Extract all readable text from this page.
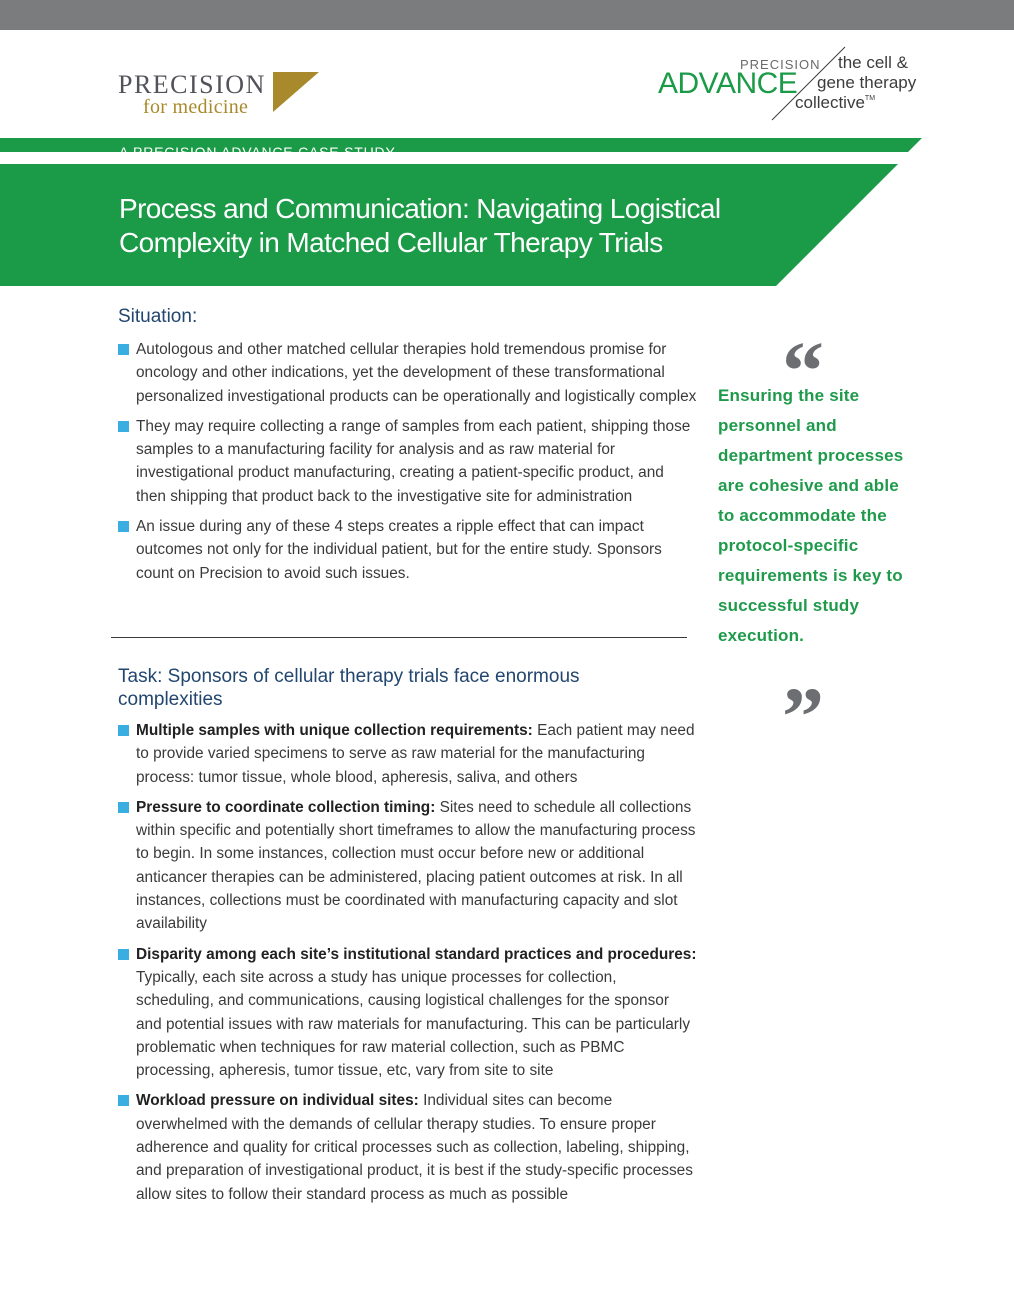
PRECISION
for medicine
PRECISION
ADVANCE
the cell &
gene therapy
collective™
A PRECISION ADVANCE CASE STUDY
Process and Communication: Navigating Logistical Complexity in Matched Cellular Therapy Trials
Situation:
Autologous and other matched cellular therapies hold tremendous promise for oncology and other indications, yet the development of these transformational personalized investigational products can be operationally and logistically complex
They may require collecting a range of samples from each patient, shipping those samples to a manufacturing facility for analysis and as raw material for investigational product manufacturing, creating a patient-specific product, and then shipping that product back to the investigative site for administration
An issue during any of these 4 steps creates a ripple effect that can impact outcomes not only for the individual patient, but for the entire study. Sponsors count on Precision to avoid such issues.
Task: Sponsors of cellular therapy trials face enormous complexities
Multiple samples with unique collection requirements: Each patient may need to provide varied specimens to serve as raw material for the manufacturing process: tumor tissue, whole blood, apheresis, saliva, and others
Pressure to coordinate collection timing: Sites need to schedule all collections within specific and potentially short timeframes to allow the manufacturing process to begin. In some instances, collection must occur before new or additional anticancer therapies can be administered, placing patient outcomes at risk. In all instances, collections must be coordinated with manufacturing capacity and slot availability
Disparity among each site’s institutional standard practices and procedures: Typically, each site across a study has unique processes for collection, scheduling, and communications, causing logistical challenges for the sponsor and potential issues with raw materials for manufacturing. This can be particularly problematic when techniques for raw material collection, such as PBMC processing, apheresis, tumor tissue, etc, vary from site to site
Workload pressure on individual sites: Individual sites can become overwhelmed with the demands of cellular therapy studies. To ensure proper adherence and quality for critical processes such as collection, labeling, shipping, and preparation of investigational product, it is best if the study-specific processes allow sites to follow their standard process as much as possible
“
Ensuring the site personnel and department processes are cohesive and able to accommodate the protocol-specific requirements is key to successful study execution.
”
